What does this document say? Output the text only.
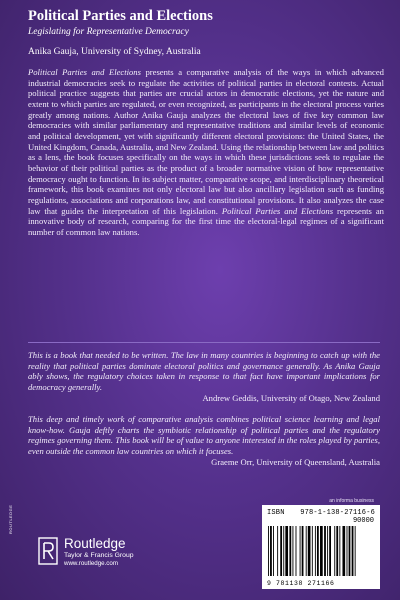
Political Parties and Elections
Legislating for Representative Democracy
Anika Gauja, University of Sydney, Australia

Political Parties and Elections presents a comparative analysis of the ways in which advanced industrial democracies seek to regulate the activities of political parties in electoral contests. Actual political practice suggests that parties are crucial actors in democratic elections, yet the nature and extent to which parties are regulated, or even recognized, as participants in the electoral process varies greatly among nations. Author Anika Gauja analyzes the electoral laws of five key common law democracies with similar parliamentary and representative traditions and similar levels of economic and political development, yet with significantly different electoral provisions: the United States, the United Kingdom, Canada, Australia, and New Zealand. Using the relationship between law and politics as a lens, the book focuses specifically on the ways in which these jurisdictions seek to regulate the behavior of their political parties as the product of a broader normative vision of how representative democracy ought to function. In its subject matter, comparative scope, and interdisciplinary theoretical framework, this book examines not only electoral law but also ancillary legislation such as funding regulations, associations and corporations law, and constitutional provisions. It also analyzes the case law that guides the interpretation of this legislation. Political Parties and Elections represents an innovative body of research, comparing for the first time the electoral-legal regimes of a significant number of common law nations.

This is a book that needed to be written. The law in many countries is beginning to catch up with the reality that political parties dominate electoral politics and governance generally. As Anika Gauja ably shows, the regulatory choices taken in response to that fact have important implications for democracy generally.
Andrew Geddis, University of Otago, New Zealand
This deep and timely work of comparative analysis combines political science learning and legal know-how. Gauja deftly charts the symbiotic relationship of political parties and the regulatory regimes governing them. This book will be of value to anyone interested in the roles played by parties, even outside the common law countries on which it focuses.
Graeme Orr, University of Queensland, Australia
an informa business
ISBN 978-1-138-27116-6
90000
9 781138 271166
ROUTLEDGE
Routledge
Taylor & Francis Group
www.routledge.com
